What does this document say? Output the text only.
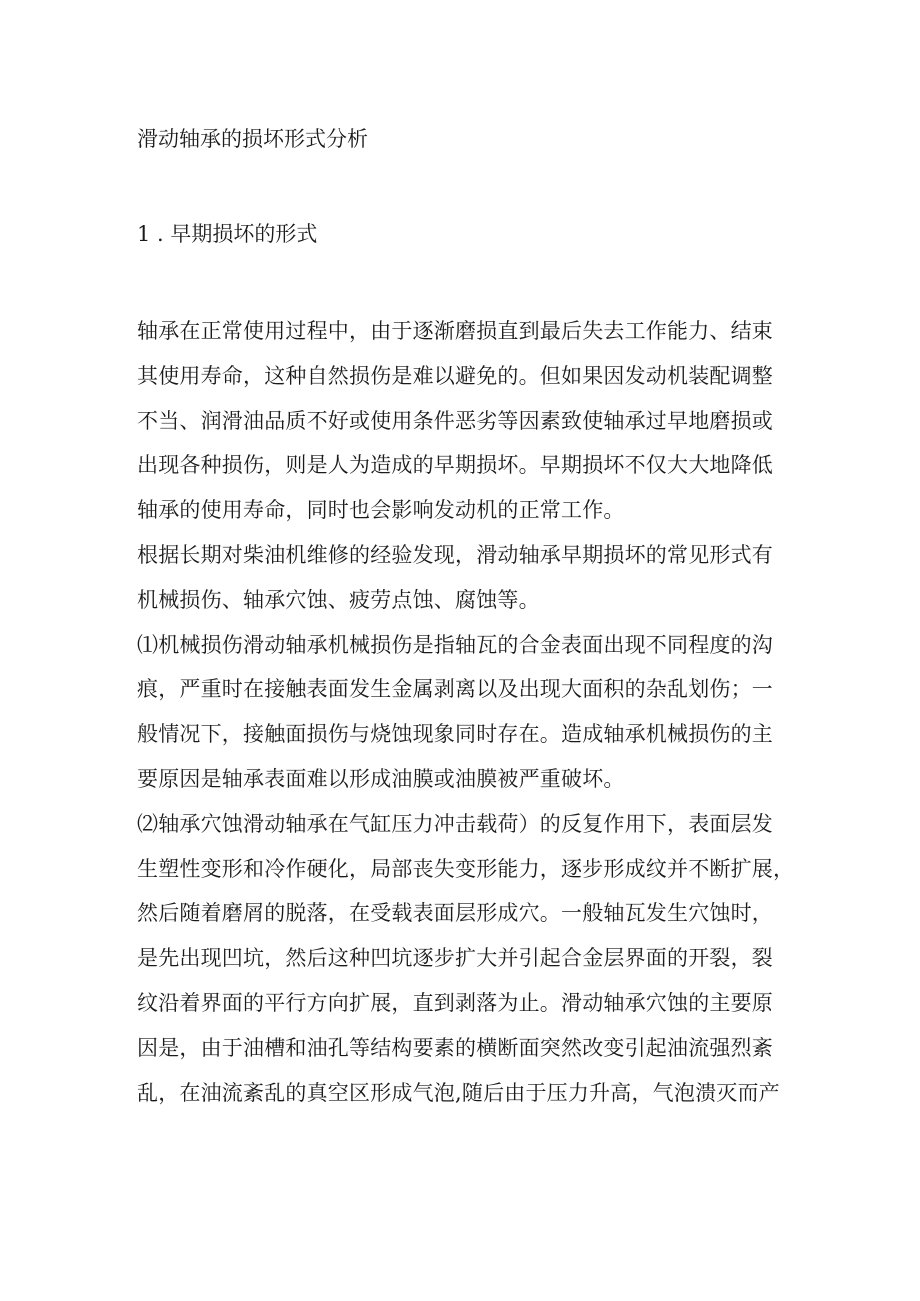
滑动轴承的损坏形式分析
1 . 早期损坏的形式
轴承在正常使用过程中，由于逐渐磨损直到最后失去工作能力、结束
其使用寿命，这种自然损伤是难以避免的。但如果因发动机装配调整
不当、润滑油品质不好或使用条件恶劣等因素致使轴承过早地磨损或
出现各种损伤，则是人为造成的早期损坏。早期损坏不仅大大地降低
轴承的使用寿命，同时也会影响发动机的正常工作。
根据长期对柴油机维修的经验发现，滑动轴承早期损坏的常见形式有
机械损伤、轴承穴蚀、疲劳点蚀、腐蚀等。
⑴机械损伤滑动轴承机械损伤是指轴瓦的合金表面出现不同程度的沟
痕，严重时在接触表面发生金属剥离以及出现大面积的杂乱划伤；一
般情况下，接触面损伤与烧蚀现象同时存在。造成轴承机械损伤的主
要原因是轴承表面难以形成油膜或油膜被严重破坏。
⑵轴承穴蚀滑动轴承在气缸压力冲击载荷）的反复作用下，表面层发
生塑性变形和冷作硬化，局部丧失变形能力，逐步形成纹并不断扩展，
然后随着磨屑的脱落，在受载表面层形成穴。一般轴瓦发生穴蚀时，
是先出现凹坑，然后这种凹坑逐步扩大并引起合金层界面的开裂，裂
纹沿着界面的平行方向扩展，直到剥落为止。滑动轴承穴蚀的主要原
因是，由于油槽和油孔等结构要素的横断面突然改变引起油流强烈紊
乱，在油流紊乱的真空区形成气泡,随后由于压力升高，气泡溃灭而产
